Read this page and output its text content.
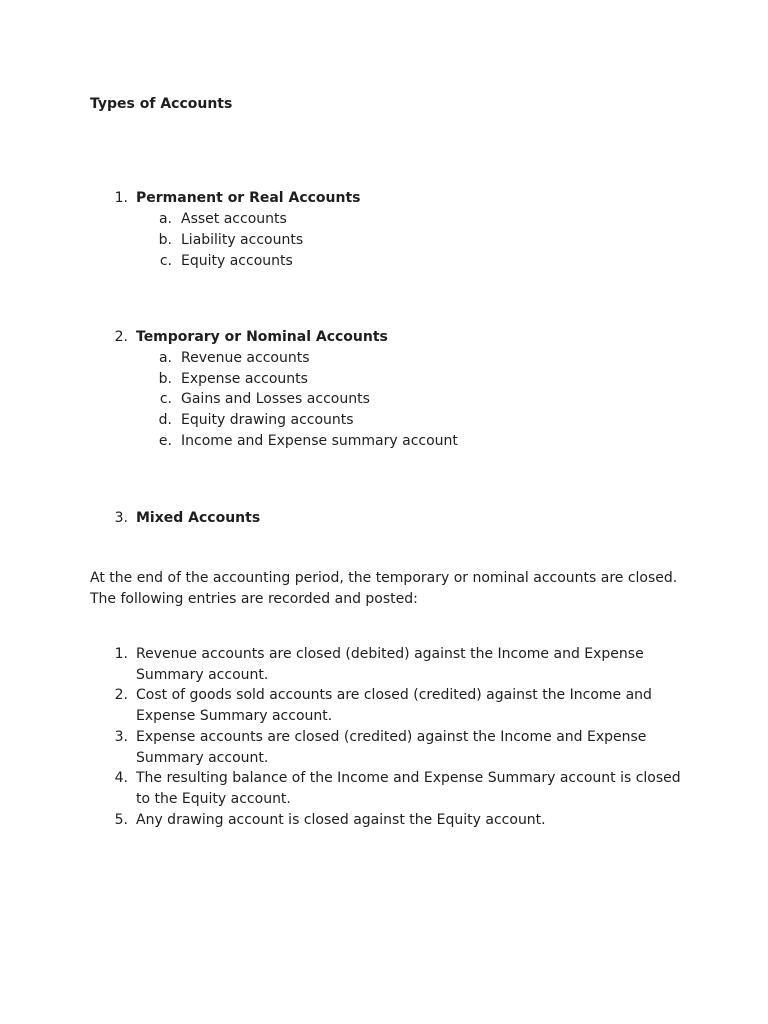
Types of Accounts
1. Permanent or Real Accounts
a. Asset accounts
b. Liability accounts
c. Equity accounts
2. Temporary or Nominal Accounts
a. Revenue accounts
b. Expense accounts
c. Gains and Losses accounts
d. Equity drawing accounts
e. Income and Expense summary account
3. Mixed Accounts
At the end of the accounting period, the temporary or nominal accounts are closed. The following entries are recorded and posted:
1. Revenue accounts are closed (debited) against the Income and Expense Summary account.
2. Cost of goods sold accounts are closed (credited) against the Income and Expense Summary account.
3. Expense accounts are closed (credited) against the Income and Expense Summary account.
4. The resulting balance of the Income and Expense Summary account is closed to the Equity account.
5. Any drawing account is closed against the Equity account.
